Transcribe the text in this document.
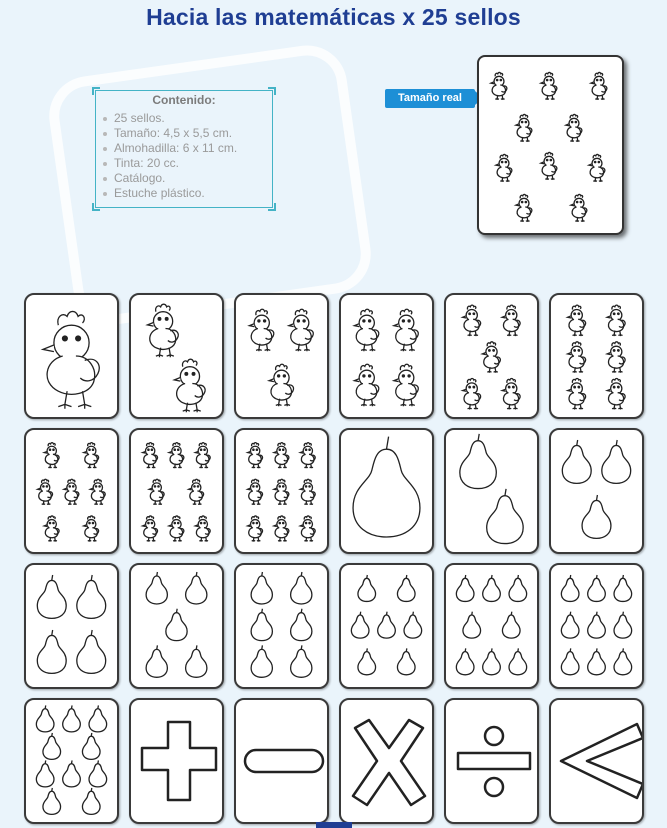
Hacia las matemáticas x 25 sellos
Contenido:
25 sellos.
Tamaño: 4,5 x 5,5 cm.
Almohadilla: 6 x 11 cm.
Tinta: 20 cc.
Catálogo.
Estuche plástico.
Tamaño real
